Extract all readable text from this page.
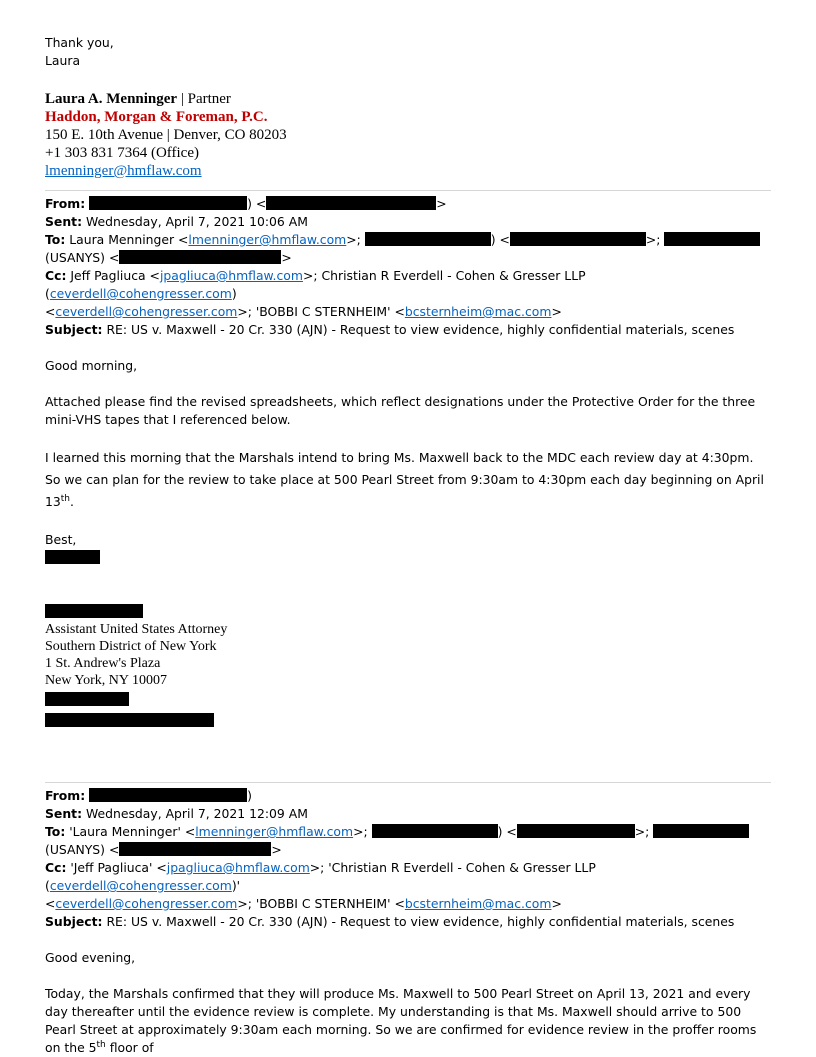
Thank you,

Laura

Laura A. Menninger | Partner
Haddon, Morgan & Foreman, P.C.
150 E. 10th Avenue | Denver, CO 80203
+1 303 831 7364 (Office)
lmenninger@hmflaw.com
From:	) <	>
Sent: Wednesday, April 7, 2021 10:06 AM
To: Laura Menninger <lmenninger@hmflaw.com>;	) <	>;
(USANYS) <	>
Cc: Jeff Pagliuca <jpagliuca@hmflaw.com>; Christian R Everdell - Cohen & Gresser LLP (ceverdell@cohengresser.com)
<ceverdell@cohengresser.com>; 'BOBBI C STERNHEIM' <bcsternheim@mac.com>
Subject: RE: US v. Maxwell - 20 Cr. 330 (AJN) - Request to view evidence, highly confidential materials, scenes

Good morning,

Attached please find the revised spreadsheets, which reflect designations under the Protective Order for the three mini-VHS tapes that I referenced below.

I learned this morning that the Marshals intend to bring Ms. Maxwell back to the MDC each review day at 4:30pm. So we can plan for the review to take place at 500 Pearl Street from 9:30am to 4:30pm each day beginning on April 13th.

Best,

Assistant United States Attorney
Southern District of New York
1 St. Andrew's Plaza
New York, NY 10007
From:	)
Sent: Wednesday, April 7, 2021 12:09 AM
To: 'Laura Menninger' <lmenninger@hmflaw.com>;	) <	>;
(USANYS) <	>
Cc: 'Jeff Pagliuca' <jpagliuca@hmflaw.com>; 'Christian R Everdell - Cohen & Gresser LLP (ceverdell@cohengresser.com)'
<ceverdell@cohengresser.com>; 'BOBBI C STERNHEIM' <bcsternheim@mac.com>
Subject: RE: US v. Maxwell - 20 Cr. 330 (AJN) - Request to view evidence, highly confidential materials, scenes

Good evening,

Today, the Marshals confirmed that they will produce Ms. Maxwell to 500 Pearl Street on April 13, 2021 and every day thereafter until the evidence review is complete. My understanding is that Ms. Maxwell should arrive to 500 Pearl Street at approximately 9:30am each morning. So we are confirmed for evidence review in the proffer rooms on the 5th floor of
